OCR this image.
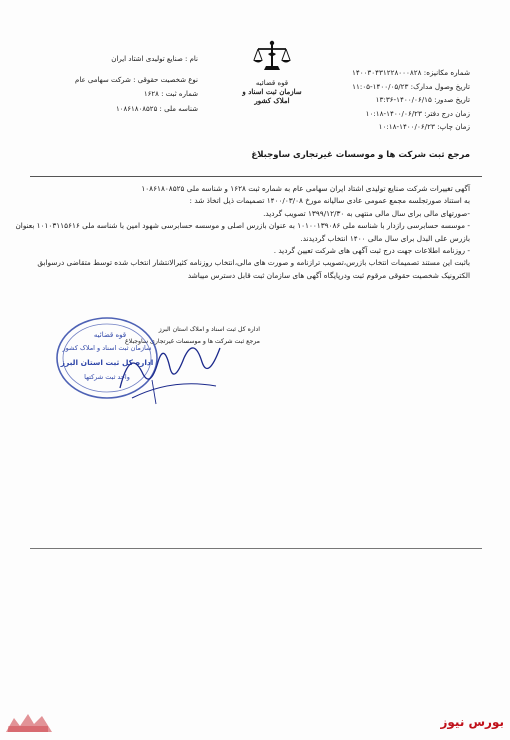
شماره مکانیزه: ۱۴۰۰۳۰۴۳۱۲۲۸۰۰۰۸۲۸
تاریخ وصول مدارک: ۱۴۰۰/۰۵/۲۳-۱۱:۰۵
تاریخ صدور: ۱۴۰۰/۰۶/۱۵-۱۳:۳۶
زمان درج دفتر: ۱۴۰۰/۰۶/۲۳-۱۰:۱۸
زمان چاپ: ۱۴۰۰/۰۶/۲۳-۱۰:۱۸
قوه قضائیه
سازمان ثبت اسناد و املاک کشور
نام : صنایع تولیدی اشتاد ایران
نوع شخصیت حقوقی : شرکت سهامی عام
شماره ثبت : ۱۶۲۸
شناسه ملی : ۱۰۸۶۱۸۰۸۵۲۵
مرجع ثبت شرکت ها و موسسات غیرتجاری ساوجبلاغ

آگهی تغییرات شرکت صنایع تولیدی اشتاد ایران سهامی عام به شماره ثبت ۱۶۲۸ و شناسه ملی ۱۰۸۶۱۸۰۸۵۲۵

به استناد صورتجلسه مجمع عمومی عادی سالیانه مورخ ۱۴۰۰/۰۳/۰۸ تصمیمات ذیل اتخاذ شد :

-صورتهای مالی برای سال مالی منتهی به ۱۳۹۹/۱۲/۳۰ تصویب گردید.

- موسسه حسابرسی رازدار با شناسه ملی ۱۰۱۰۰۱۳۹۰۸۶ به عنوان بازرس اصلی و موسسه حسابرسی شهود امین با شناسه ملی ۱۰۱۰۳۱۱۵۶۱۶ بعنوان

بازرس علی البدل برای سال مالی ۱۴۰۰ انتخاب گردیدند.

- روزنامه اطلاعات جهت درج ثبت آگهی های شرکت تعیین گردید .

باثبت این مستند تصمیمات انتخاب بازرس،تصویب ترازنامه و صورت های مالی،انتخاب روزنامه کثیرالانتشار انتخاب شده توسط متقاضی درسوابق

الکترونیک شخصیت حقوقی مرقوم ثبت ودرپایگاه آگهی های سازمان ثبت قابل دسترس میباشد

اداره کل ثبت اسناد و املاک استان البرز

مرجع ثبت شرکت ها و موسسات غیرتجاری ساوجبلاغ

قوه قضائیه
سازمان ثبت اسناد و املاک کشور
اداره کل ثبت استان البرز
واحد ثبت شرکتها
بورس نیوز
